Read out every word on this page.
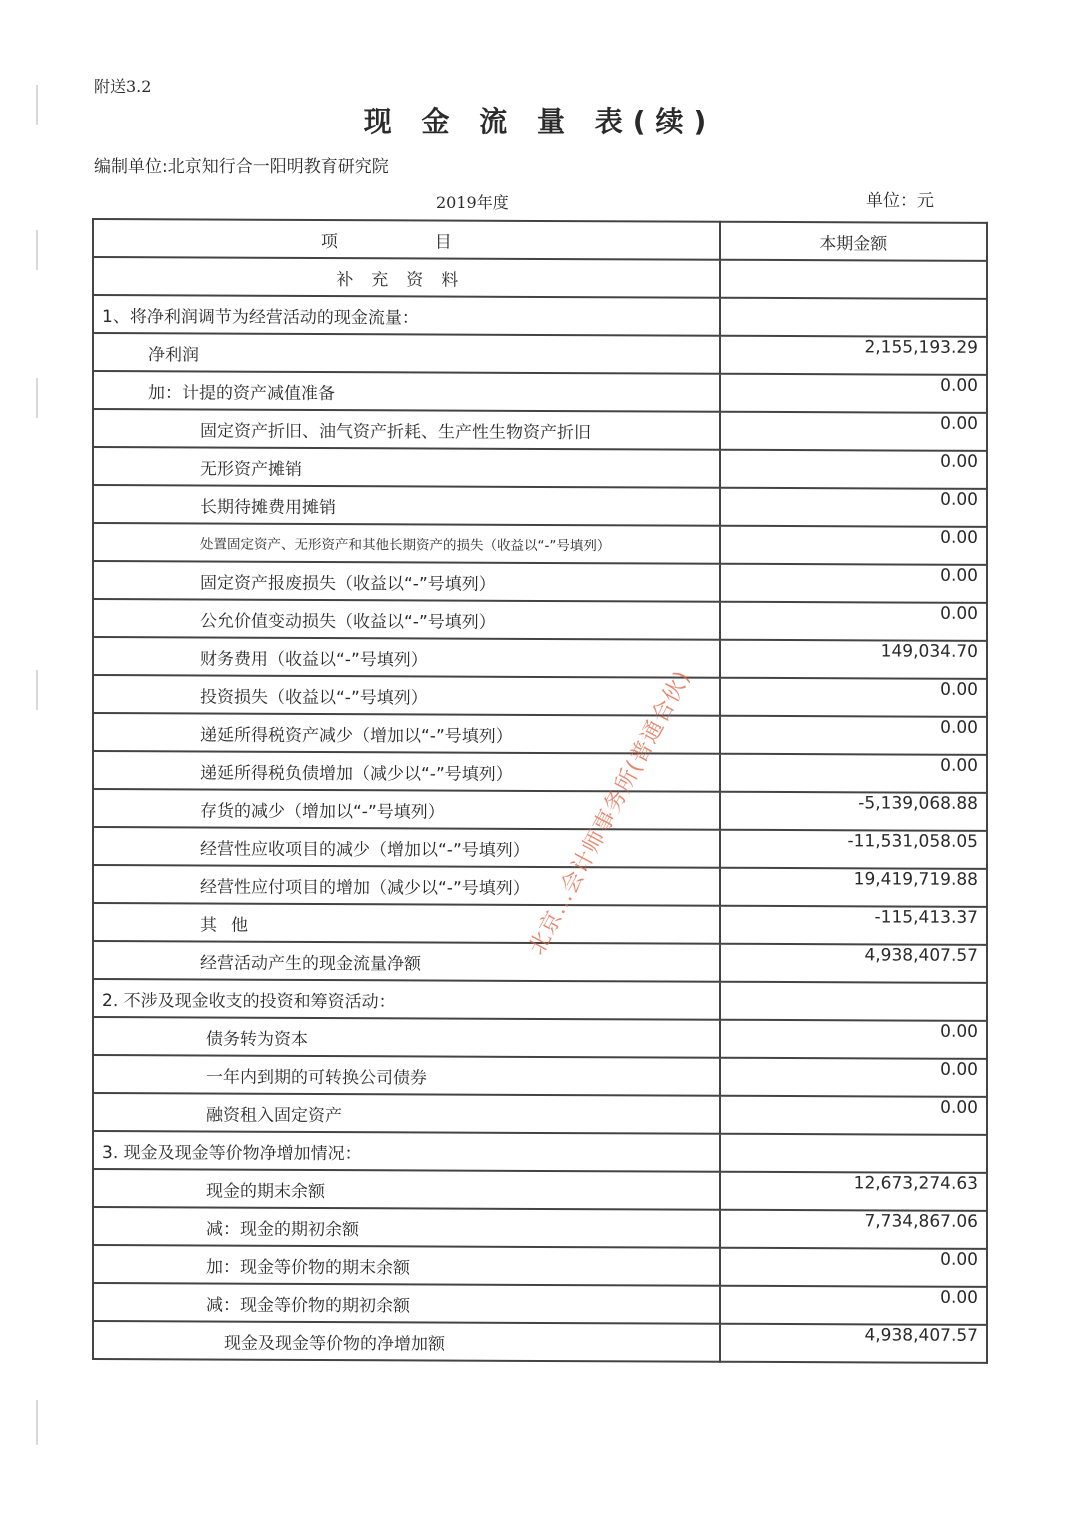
附送3.2
现 金 流 量 表(续)
编制单位:北京知行合一阳明教育研究院
2019年度	单位：元
项　目	本期金额
补充资料	
1、将净利润调节为经营活动的现金流量：	
净利润	2,155,193.29
加：计提的资产减值准备	0.00
固定资产折旧、油气资产折耗、生产性生物资产折旧	0.00
无形资产摊销	0.00
长期待摊费用摊销	0.00
处置固定资产、无形资产和其他长期资产的损失（收益以“-”号填列）	0.00
固定资产报废损失（收益以“-”号填列）	0.00
公允价值变动损失（收益以“-”号填列）	0.00
财务费用（收益以“-”号填列）	149,034.70
投资损失（收益以“-”号填列）	0.00
递延所得税资产减少（增加以“-”号填列）	0.00
递延所得税负债增加（减少以“-”号填列）	0.00
存货的减少（增加以“-”号填列）	-5,139,068.88
经营性应收项目的减少（增加以“-”号填列）	-11,531,058.05
经营性应付项目的增加（减少以“-”号填列）	19,419,719.88
其他	-115,413.37
经营活动产生的现金流量净额	4,938,407.57
2. 不涉及现金收支的投资和筹资活动：	
债务转为资本	0.00
一年内到期的可转换公司债券	0.00
融资租入固定资产	0.00
3. 现金及现金等价物净增加情况：	
现金的期末余额	12,673,274.63
减：现金的期初余额	7,734,867.06
加：现金等价物的期末余额	0.00
减：现金等价物的期初余额	0.00
现金及现金等价物的净增加额	4,938,407.57
北京…会计师事务所(普通合伙)
